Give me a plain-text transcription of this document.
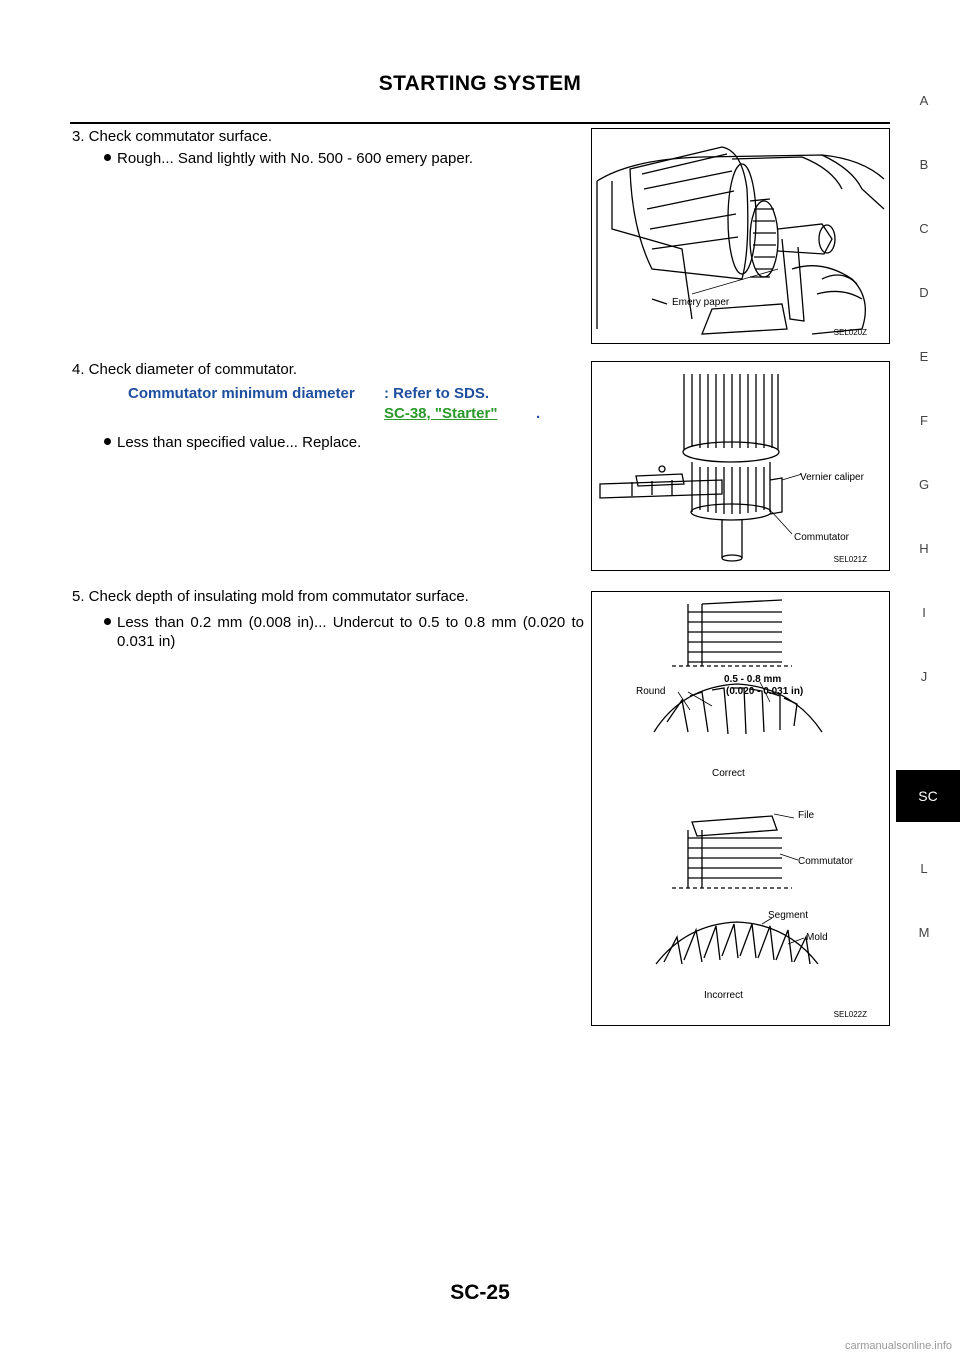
STARTING SYSTEM
3. Check commutator surface.
Rough... Sand lightly with No. 500 - 600 emery paper.
4. Check diameter of commutator.
Commutator minimum diameter : Refer to SDS.
SC-38, "Starter"	.
Less than specified value... Replace.
5. Check depth of insulating mold from commutator surface.
Less than 0.2 mm (0.008 in)... Undercut to 0.5 to 0.8 mm (0.020 to 0.031 in)
Emery paper
SEL020Z
Vernier caliper
Commutator
SEL021Z
0.5 - 0.8 mm
(0.020 - 0.031 in)
Round
Correct
File
Commutator
Segment
Mold
Incorrect
SEL022Z
A
B
C
D
E
F
G
H
I
J
SC
L
M
SC-25
carmanualsonline.info
